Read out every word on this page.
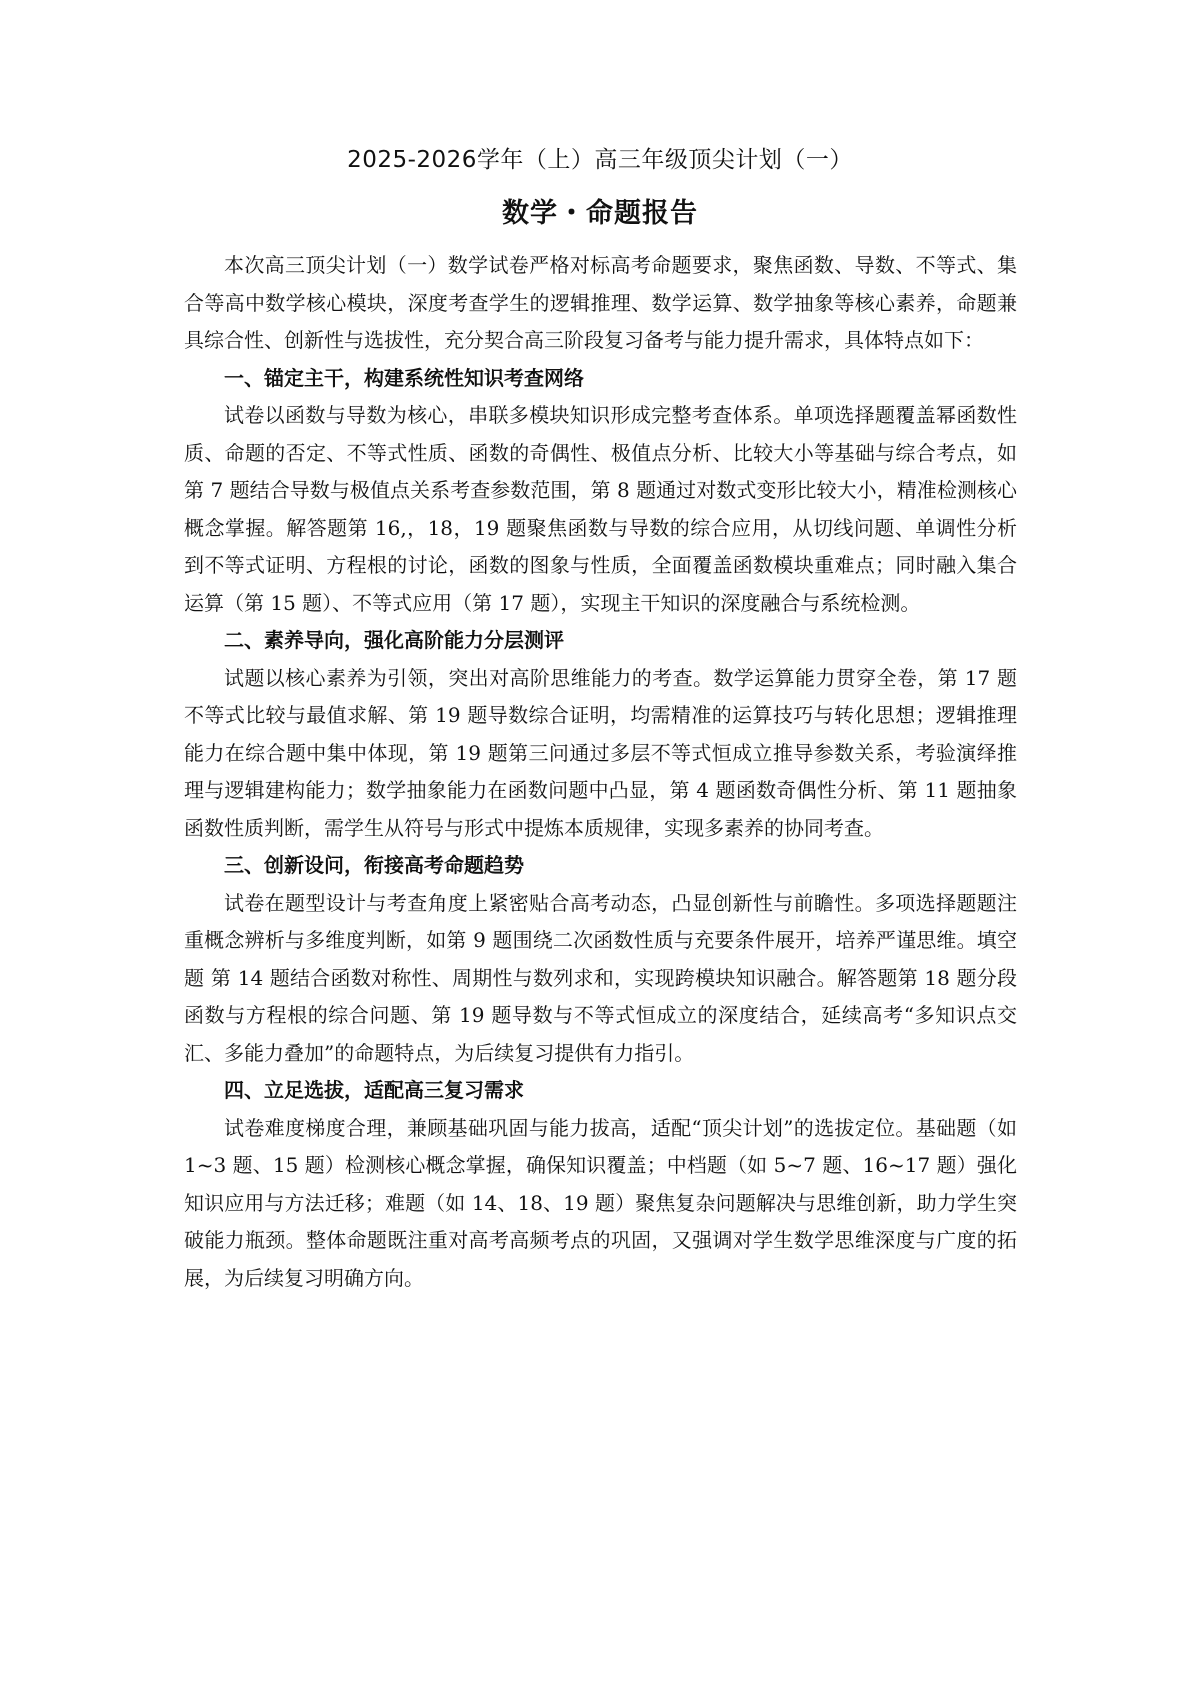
2025-2026学年（上）高三年级顶尖计划（一）
数学・命题报告

本次高三顶尖计划（一）数学试卷严格对标高考命题要求，聚焦函数、导数、不等式、集合等高中数学核心模块，深度考查学生的逻辑推理、数学运算、数学抽象等核心素养，命题兼具综合性、创新性与选拔性，充分契合高三阶段复习备考与能力提升需求，具体特点如下：

一、锚定主干，构建系统性知识考查网络

试卷以函数与导数为核心，串联多模块知识形成完整考查体系。单项选择题覆盖幂函数性质、命题的否定、不等式性质、函数的奇偶性、极值点分析、比较大小等基础与综合考点，如第 7 题结合导数与极值点关系考查参数范围，第 8 题通过对数式变形比较大小，精准检测核心概念掌握。解答题第 16,，18，19 题聚焦函数与导数的综合应用，从切线问题、单调性分析到不等式证明、方程根的讨论，函数的图象与性质，全面覆盖函数模块重难点；同时融入集合运算（第 15 题）、不等式应用（第 17 题），实现主干知识的深度融合与系统检测。

二、素养导向，强化高阶能力分层测评

试题以核心素养为引领，突出对高阶思维能力的考查。数学运算能力贯穿全卷，第 17 题不等式比较与最值求解、第 19 题导数综合证明，均需精准的运算技巧与转化思想；逻辑推理能力在综合题中集中体现，第 19 题第三问通过多层不等式恒成立推导参数关系，考验演绎推理与逻辑建构能力；数学抽象能力在函数问题中凸显，第 4 题函数奇偶性分析、第 11 题抽象函数性质判断，需学生从符号与形式中提炼本质规律，实现多素养的协同考查。

三、创新设问，衔接高考命题趋势

试卷在题型设计与考查角度上紧密贴合高考动态，凸显创新性与前瞻性。多项选择题题注重概念辨析与多维度判断，如第 9 题围绕二次函数性质与充要条件展开，培养严谨思维。填空题 第 14 题结合函数对称性、周期性与数列求和，实现跨模块知识融合。解答题第 18 题分段函数与方程根的综合问题、第 19 题导数与不等式恒成立的深度结合，延续高考“多知识点交汇、多能力叠加”的命题特点，为后续复习提供有力指引。

四、立足选拔，适配高三复习需求

试卷难度梯度合理，兼顾基础巩固与能力拔高，适配“顶尖计划”的选拔定位。基础题（如 1~3 题、15 题）检测核心概念掌握，确保知识覆盖；中档题（如 5~7 题、16~17 题）强化知识应用与方法迁移；难题（如 14、18、19 题）聚焦复杂问题解决与思维创新，助力学生突破能力瓶颈。整体命题既注重对高考高频考点的巩固，又强调对学生数学思维深度与广度的拓展，为后续复习明确方向。
